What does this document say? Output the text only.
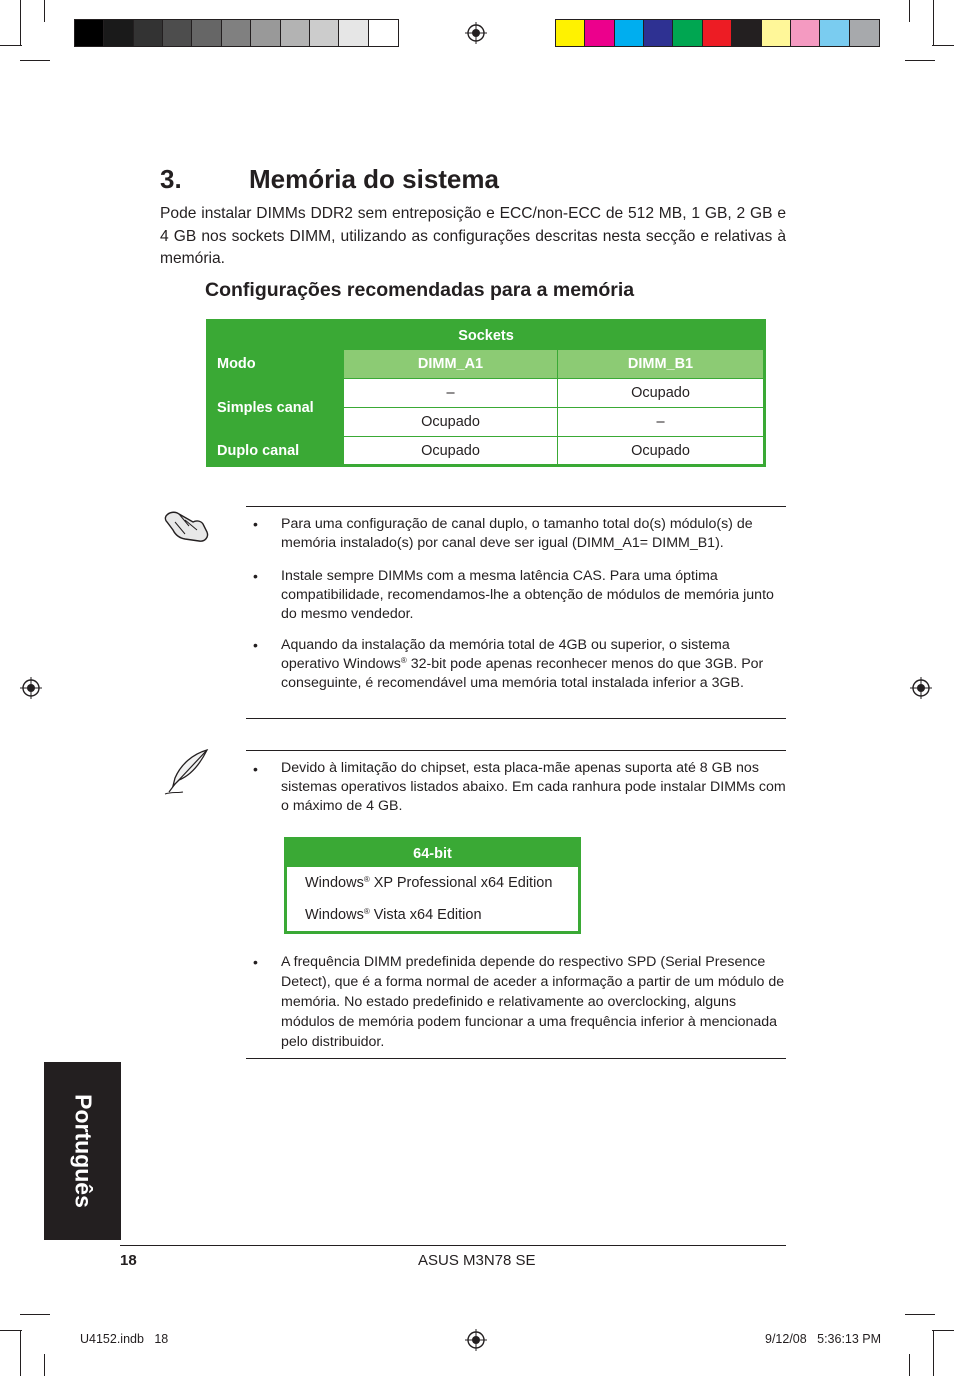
3.	Memória do sistema
Pode instalar DIMMs DDR2 sem entreposição e ECC/non-ECC de 512 MB, 1 GB, 2 GB e 4 GB nos sockets DIMM, utilizando as configurações descritas nesta secção e relativas à memória.
Configurações recomendadas para a memória
Sockets		
Modo	DIMM_A1	DIMM_B1
Simples canal	–	Ocupado
	Ocupado	–
Duplo canal	Ocupado	Ocupado
• Para uma configuração de canal duplo, o tamanho total do(s) módulo(s) de memória instalado(s) por canal deve ser igual (DIMM_A1= DIMM_B1).
• Instale sempre DIMMs com a mesma latência CAS. Para uma óptima compatibilidade, recomendamos-lhe a obtenção de módulos de memória junto do mesmo vendedor.
• Aquando da instalação da memória total de 4GB ou superior, o sistema operativo Windows® 32-bit pode apenas reconhecer menos do que 3GB. Por conseguinte, é recomendável uma memória total instalada inferior a 3GB.
• Devido à limitação do chipset, esta placa-mãe apenas suporta até 8 GB nos sistemas operativos listados abaixo. Em cada ranhura pode instalar DIMMs com o máximo de 4 GB.
64-bit
Windows® XP Professional x64 Edition
Windows® Vista x64 Edition
• A frequência DIMM predefinida depende do respectivo SPD (Serial Presence Detect), que é a forma normal de aceder a informação a partir de um módulo de memória. No estado predefinido e relativamente ao overclocking, alguns módulos de memória podem funcionar a uma frequência inferior à mencionada pelo distribuidor.
Português
18	ASUS M3N78 SE
U4152.indb   18	9/12/08   5:36:13 PM
